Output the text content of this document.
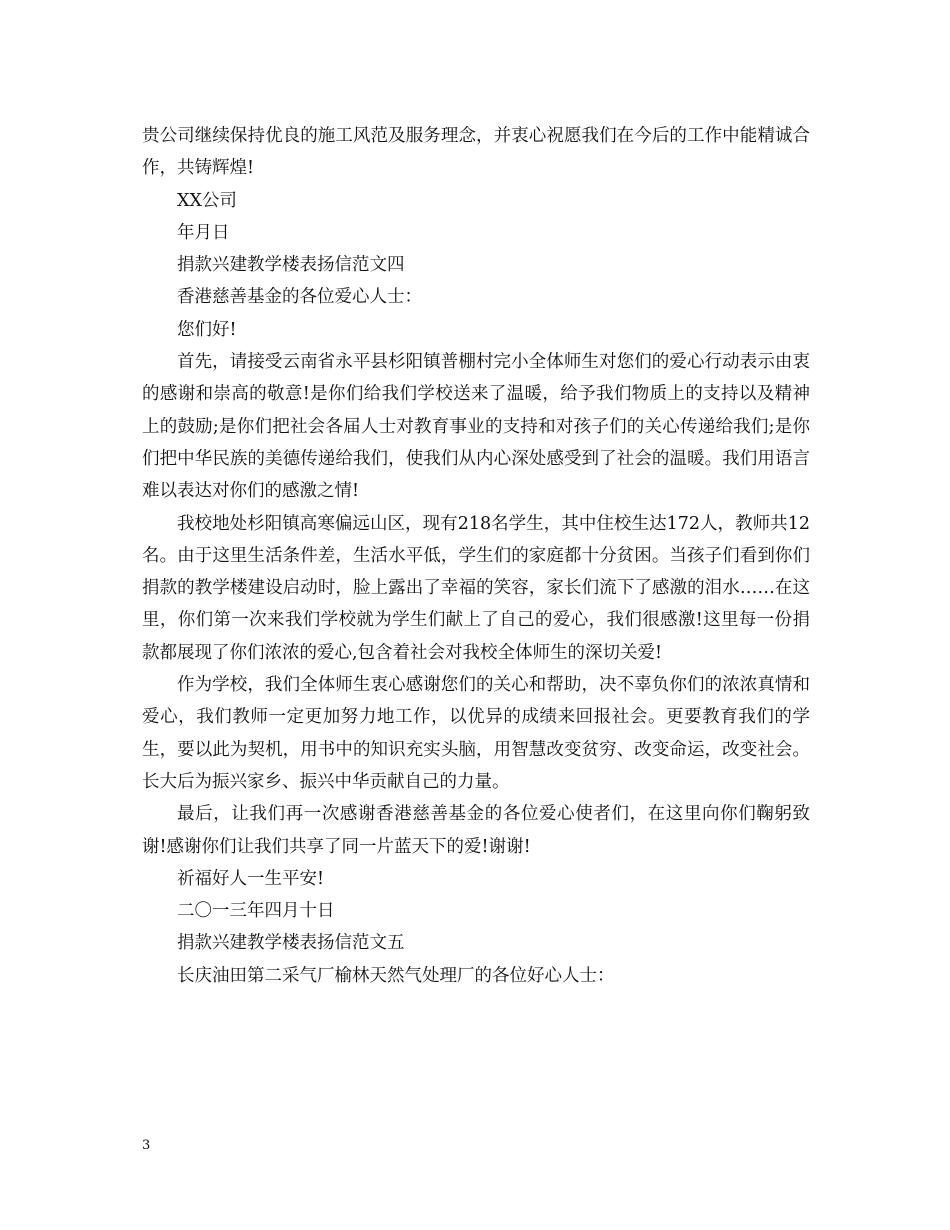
贵公司继续保持优良的施工风范及服务理念，并衷心祝愿我们在今后的工作中能精诚合作，共铸辉煌!

XX公司

年月日

捐款兴建教学楼表扬信范文四

香港慈善基金的各位爱心人士：

您们好!

首先，请接受云南省永平县杉阳镇普棚村完小全体师生对您们的爱心行动表示由衷的感谢和崇高的敬意!是你们给我们学校送来了温暖，给予我们物质上的支持以及精神上的鼓励;是你们把社会各届人士对教育事业的支持和对孩子们的关心传递给我们;是你们把中华民族的美德传递给我们，使我们从内心深处感受到了社会的温暖。我们用语言难以表达对你们的感激之情!

我校地处杉阳镇高寒偏远山区，现有218名学生，其中住校生达172人，教师共12名。由于这里生活条件差，生活水平低，学生们的家庭都十分贫困。当孩子们看到你们捐款的教学楼建设启动时，脸上露出了幸福的笑容，家长们流下了感激的泪水……在这里，你们第一次来我们学校就为学生们献上了自己的爱心，我们很感激!这里每一份捐款都展现了你们浓浓的爱心,包含着社会对我校全体师生的深切关爱!

作为学校，我们全体师生衷心感谢您们的关心和帮助，决不辜负你们的浓浓真情和爱心，我们教师一定更加努力地工作，以优异的成绩来回报社会。更要教育我们的学生，要以此为契机，用书中的知识充实头脑，用智慧改变贫穷、改变命运，改变社会。长大后为振兴家乡、振兴中华贡献自己的力量。

最后，让我们再一次感谢香港慈善基金的各位爱心使者们，在这里向你们鞠躬致谢!感谢你们让我们共享了同一片蓝天下的爱!谢谢!

祈福好人一生平安!

二〇一三年四月十日

捐款兴建教学楼表扬信范文五

长庆油田第二采气厂榆林天然气处理厂的各位好心人士：

3
